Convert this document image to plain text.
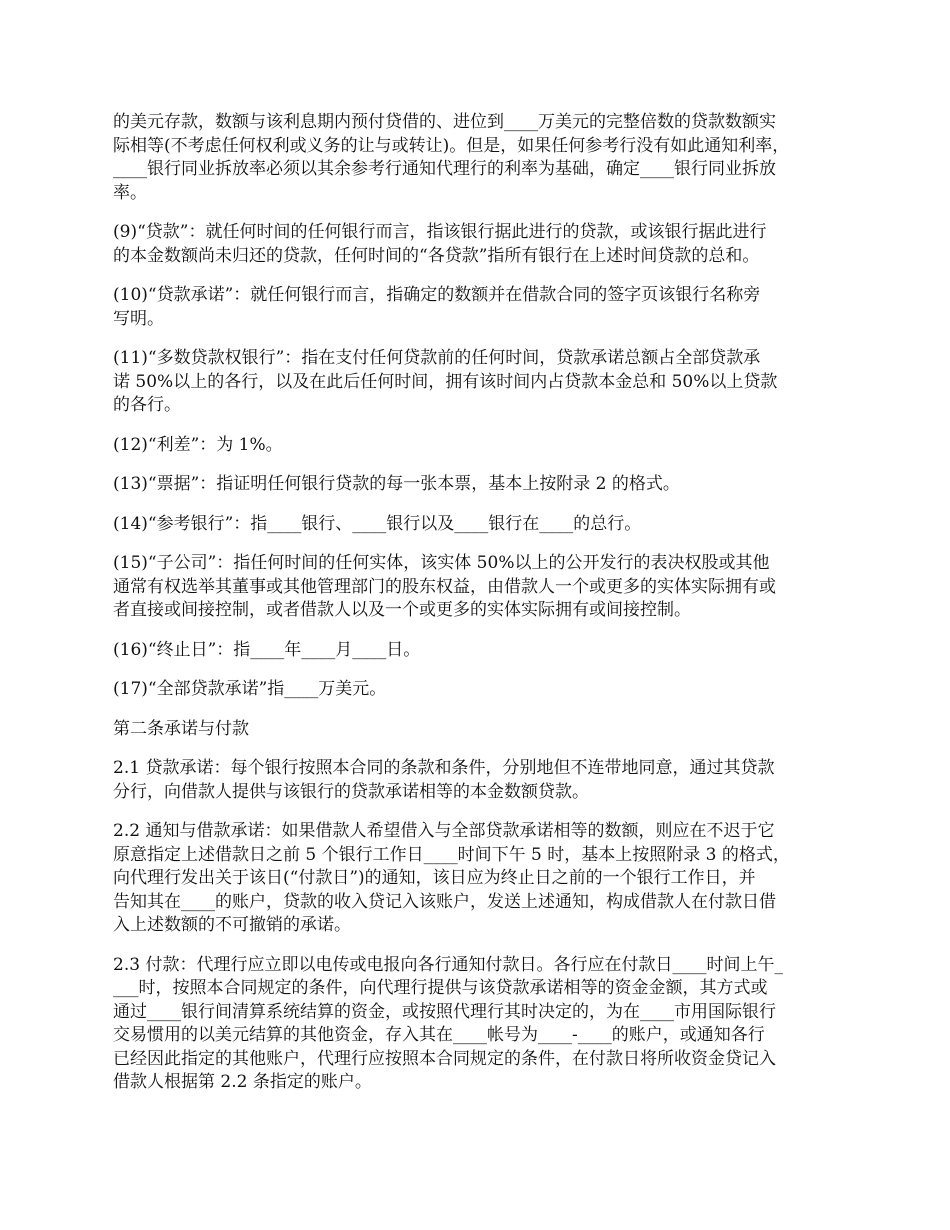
的美元存款，数额与该利息期内预付贷借的、进位到____万美元的完整倍数的贷款数额实
际相等(不考虑任何权利或义务的让与或转让)。但是，如果任何参考行没有如此通知利率，
____银行同业拆放率必须以其余参考行通知代理行的利率为基础，确定____银行同业拆放
率。

(9)“贷款”：就任何时间的任何银行而言，指该银行据此进行的贷款，或该银行据此进行
的本金数额尚未归还的贷款，任何时间的“各贷款”指所有银行在上述时间贷款的总和。

(10)“贷款承诺”：就任何银行而言，指确定的数额并在借款合同的签字页该银行名称旁
写明。

(11)“多数贷款权银行”：指在支付任何贷款前的任何时间，贷款承诺总额占全部贷款承
诺 50%以上的各行，以及在此后任何时间，拥有该时间内占贷款本金总和 50%以上贷款
的各行。

(12)“利差”：为 1%。

(13)“票据”：指证明任何银行贷款的每一张本票，基本上按附录 2 的格式。

(14)“参考银行”：指____银行、____银行以及____银行在____的总行。

(15)“子公司”：指任何时间的任何实体，该实体 50%以上的公开发行的表决权股或其他
通常有权选举其董事或其他管理部门的股东权益，由借款人一个或更多的实体实际拥有或
者直接或间接控制，或者借款人以及一个或更多的实体实际拥有或间接控制。

(16)“终止日”：指____年____月____日。

(17)“全部贷款承诺”指____万美元。

第二条承诺与付款

2.1 贷款承诺：每个银行按照本合同的条款和条件，分别地但不连带地同意，通过其贷款
分行，向借款人提供与该银行的贷款承诺相等的本金数额贷款。

2.2 通知与借款承诺：如果借款人希望借入与全部贷款承诺相等的数额，则应在不迟于它
原意指定上述借款日之前 5 个银行工作日____时间下午 5 时，基本上按照附录 3 的格式，
向代理行发出关于该日(“付款日”)的通知，该日应为终止日之前的一个银行工作日，并
告知其在____的账户，贷款的收入贷记入该账户，发送上述通知，构成借款人在付款日借
入上述数额的不可撤销的承诺。

2.3 付款：代理行应立即以电传或电报向各行通知付款日。各行应在付款日____时间上午_
___时，按照本合同规定的条件，向代理行提供与该贷款承诺相等的资金金额，其方式或
通过____银行间清算系统结算的资金，或按照代理行其时决定的，为在____市用国际银行
交易惯用的以美元结算的其他资金，存入其在____帐号为____-____的账户，或通知各行
已经因此指定的其他账户，代理行应按照本合同规定的条件，在付款日将所收资金贷记入
借款人根据第 2.2 条指定的账户。
